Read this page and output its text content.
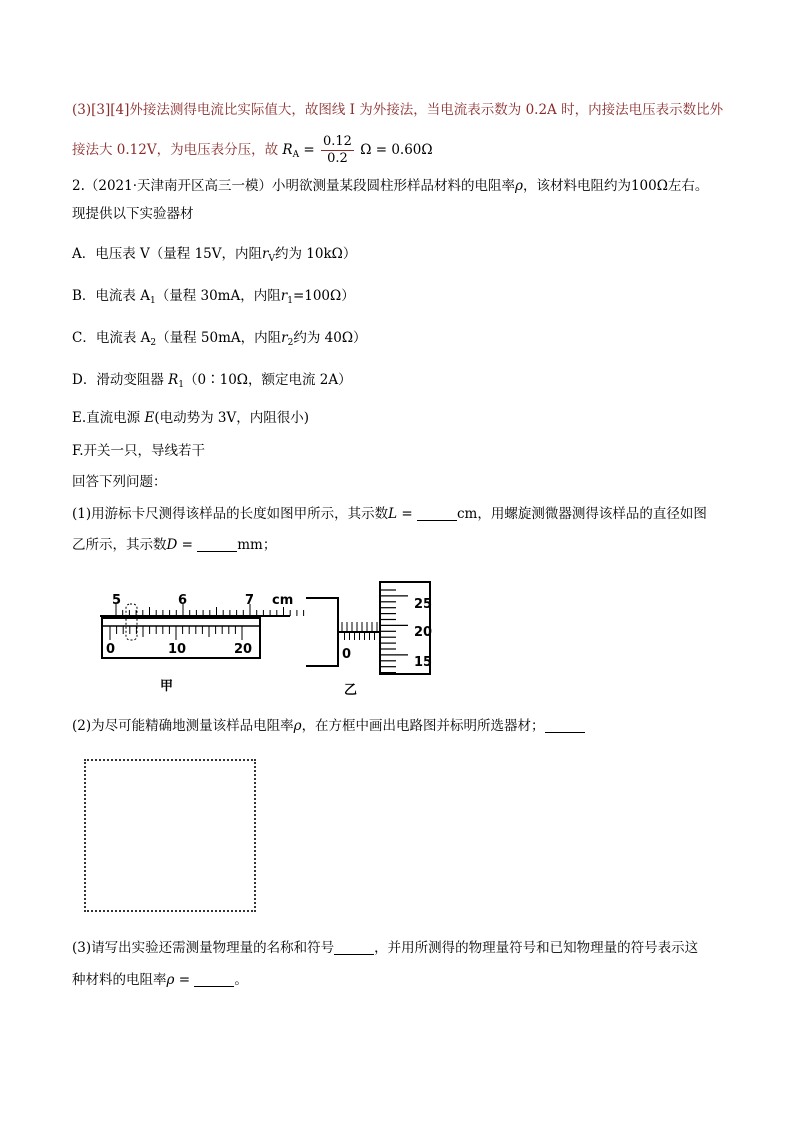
(3)[3][4]外接法测得电流比实际值大，故图线 I 为外接法，当电流表示数为 0.2A 时，内接法电压表示数比外
接法大 0.12V，为电压表分压，故 $R_A = \frac{0.12}{0.2}$ Ω = 0.60Ω
2.（2021·天津南开区高三一模）小明欲测量某段圆柱形样品材料的电阻率ρ，该材料电阻约为100Ω左右。
现提供以下实验器材
A．电压表 V（量程 15V，内阻$r_V$约为 10kΩ）
B．电流表 $A_1$（量程 30mA，内阻$r_1=100\Omega$）
C．电流表 $A_2$（量程 50mA，内阻$r_2$约为 40Ω）
D．滑动变阻器 $R_1(0∶10\Omega$，额定电流 2A）
E.直流电源 E(电动势为 3V，内阻很小)
F.开关一只，导线若干
回答下列问题：
(1)用游标卡尺测得该样品的长度如图甲所示，其示数L =	cm，用螺旋测微器测得该样品的直径如图
乙所示，其示数D =	mm；
5	6	7 cm
0	10	20
甲
0
25
20
15
乙
(2)为尽可能精确地测量该样品电阻率ρ，在方框中画出电路图并标明所选器材；
(3)请写出实验还需测量物理量的名称和符号	，并用所测得的物理量符号和已知物理量的符号表示这
种材料的电阻率ρ =	。
